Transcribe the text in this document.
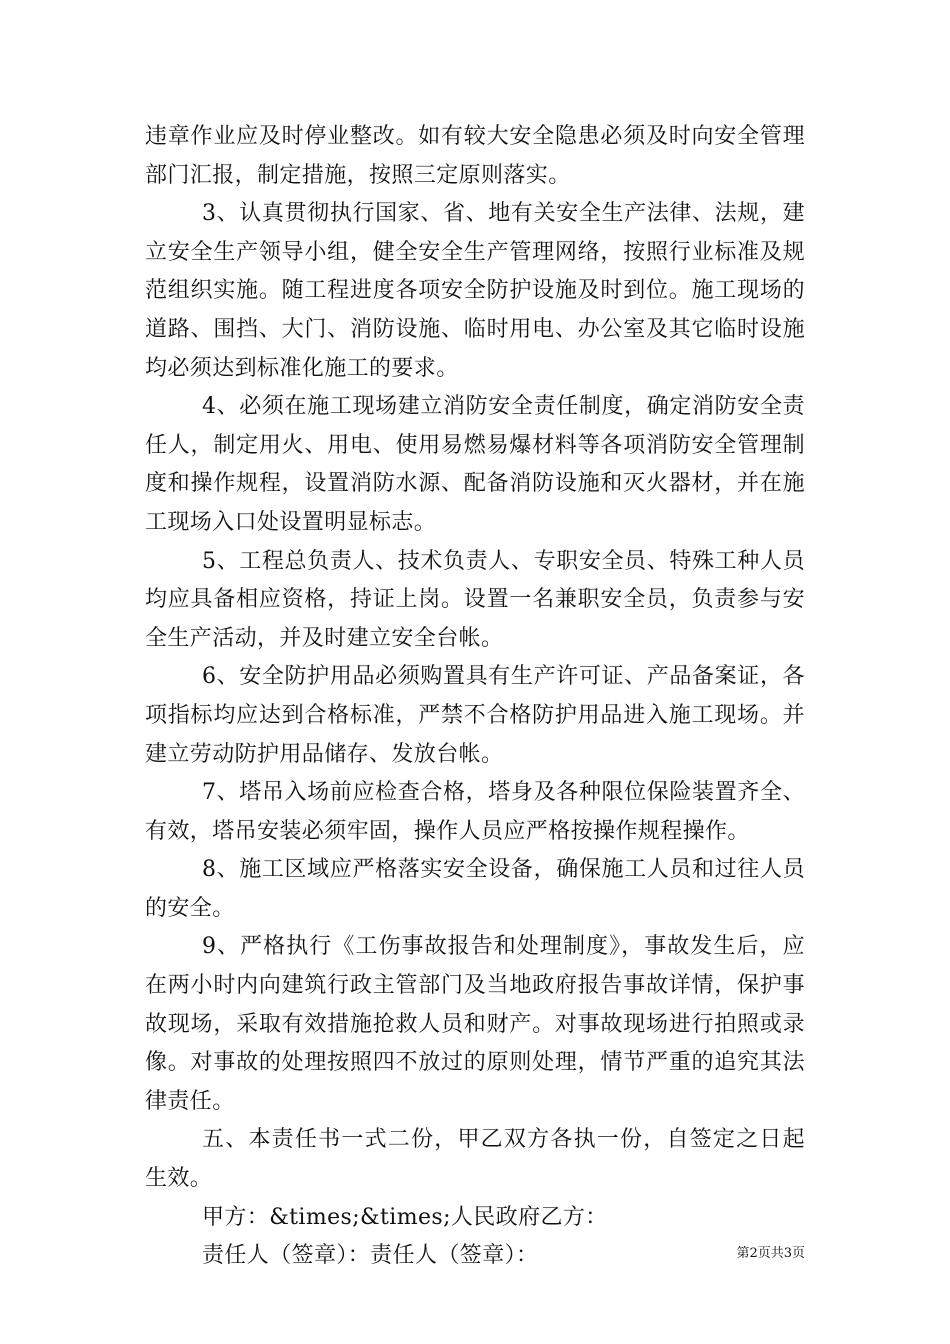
违章作业应及时停业整改。如有较大安全隐患必须及时向安全管理部门汇报，制定措施，按照三定原则落实。

3、认真贯彻执行国家、省、地有关安全生产法律、法规，建立安全生产领导小组，健全安全生产管理网络，按照行业标准及规范组织实施。随工程进度各项安全防护设施及时到位。施工现场的道路、围挡、大门、消防设施、临时用电、办公室及其它临时设施均必须达到标准化施工的要求。

4、必须在施工现场建立消防安全责任制度，确定消防安全责任人，制定用火、用电、使用易燃易爆材料等各项消防安全管理制度和操作规程，设置消防水源、配备消防设施和灭火器材，并在施工现场入口处设置明显标志。

5、工程总负责人、技术负责人、专职安全员、特殊工种人员均应具备相应资格，持证上岗。设置一名兼职安全员，负责参与安全生产活动，并及时建立安全台帐。

6、安全防护用品必须购置具有生产许可证、产品备案证，各项指标均应达到合格标准，严禁不合格防护用品进入施工现场。并建立劳动防护用品储存、发放台帐。

7、塔吊入场前应检查合格，塔身及各种限位保险装置齐全、有效，塔吊安装必须牢固，操作人员应严格按操作规程操作。

8、施工区域应严格落实安全设备，确保施工人员和过往人员的安全。

9、严格执行《工伤事故报告和处理制度》，事故发生后，应在两小时内向建筑行政主管部门及当地政府报告事故详情，保护事故现场，采取有效措施抢救人员和财产。对事故现场进行拍照或录像。对事故的处理按照四不放过的原则处理，情节严重的追究其法律责任。

五、本责任书一式二份，甲乙双方各执一份，自签定之日起生效。

甲方：&times;&times;人民政府乙方：

责任人（签章）：责任人（签章）：	第2页共3页
